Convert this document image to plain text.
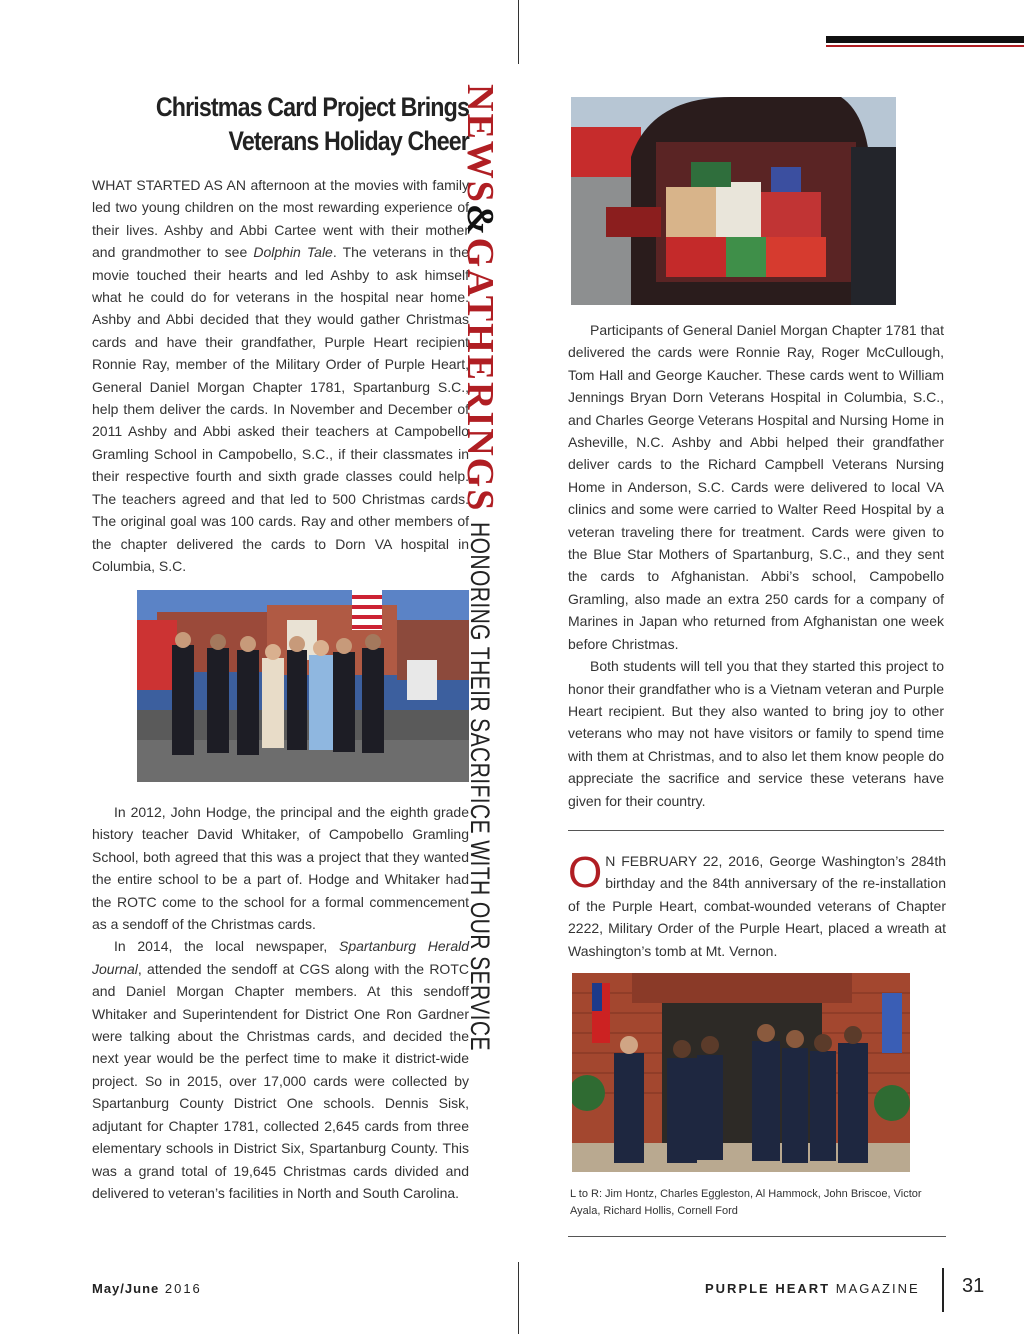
Christmas Card Project Brings
Veterans Holiday Cheer

WHAT STARTED AS AN afternoon at the movies with family led two young children on the most rewarding experience of their lives. Ashby and Abbi Cartee went with their mother and grandmother to see Dolphin Tale. The veterans in the movie touched their hearts and led Ashby to ask himself what he could do for veterans in the hospital near home. Ashby and Abbi decided that they would gather Christmas cards and have their grandfather, Purple Heart recipient Ronnie Ray, member of the Military Order of Purple Heart, General Daniel Morgan Chapter 1781, Spartanburg S.C., help them deliver the cards. In November and December of 2011 Ashby and Abbi asked their teachers at Campobello Gramling School in Campobello, S.C., if their classmates in their respective fourth and sixth grade classes could help. The teachers agreed and that led to 500 Christmas cards. The original goal was 100 cards. Ray and other members of the chapter delivered the cards to Dorn VA hospital in Columbia, S.C.

In 2012, John Hodge, the principal and the eighth grade history teacher David Whitaker, of Campobello Gramling School, both agreed that this was a project that they wanted the entire school to be a part of. Hodge and Whitaker had the ROTC come to the school for a formal commencement as a sendoff of the Christmas cards.

In 2014, the local newspaper, Spartanburg Herald Journal, attended the sendoff at CGS along with the ROTC and Daniel Morgan Chapter members. At this sendoff Whitaker and Superintendent for District One Ron Gardner were talking about the Christmas cards, and decided the next year would be the perfect time to make it district-wide project. So in 2015, over 17,000 cards were collected by Spartanburg County District One schools. Dennis Sisk, adjutant for Chapter 1781, collected 2,645 cards from three elementary schools in District Six, Spartanburg County. This was a grand total of 19,645 Christmas cards divided and delivered to veteran’s facilities in North and South Carolina.

NEWS&GATHERINGSHONORING THEIR SACRIFICE WITH OUR SERVICE

Participants of General Daniel Morgan Chapter 1781 that delivered the cards were Ronnie Ray, Roger McCullough, Tom Hall and George Kaucher. These cards went to William Jennings Bryan Dorn Veterans Hospital in Columbia, S.C., and Charles George Veterans Hospital and Nursing Home in Asheville, N.C. Ashby and Abbi helped their grandfather deliver cards to the Richard Campbell Veterans Nursing Home in Anderson, S.C. Cards were delivered to local VA clinics and some were carried to Walter Reed Hospital by a veteran traveling there for treatment. Cards were given to the Blue Star Mothers of Spartanburg, S.C., and they sent the cards to Afghanistan. Abbi’s school, Campobello Gramling, also made an extra 250 cards for a company of Marines in Japan who returned from Afghanistan one week before Christmas.

Both students will tell you that they started this project to honor their grandfather who is a Vietnam veteran and Purple Heart recipient. But they also wanted to bring joy to other veterans who may not have visitors or family to spend time with them at Christmas, and to also let them know people do appreciate the sacrifice and service these veterans have given for their country.

O N FEBRUARY 22, 2016, George Washington’s 284th birthday and the 84th anniversary of the re-installation of the Purple Heart, combat-wounded veterans of Chapter 2222, Military Order of the Purple Heart, placed a wreath at Washington’s tomb at Mt. Vernon.

L to R: Jim Hontz, Charles Eggleston, Al Hammock, John Briscoe, Victor Ayala, Richard Hollis, Cornell Ford
May/June 2016	PURPLE HEART MAGAZINE 31
